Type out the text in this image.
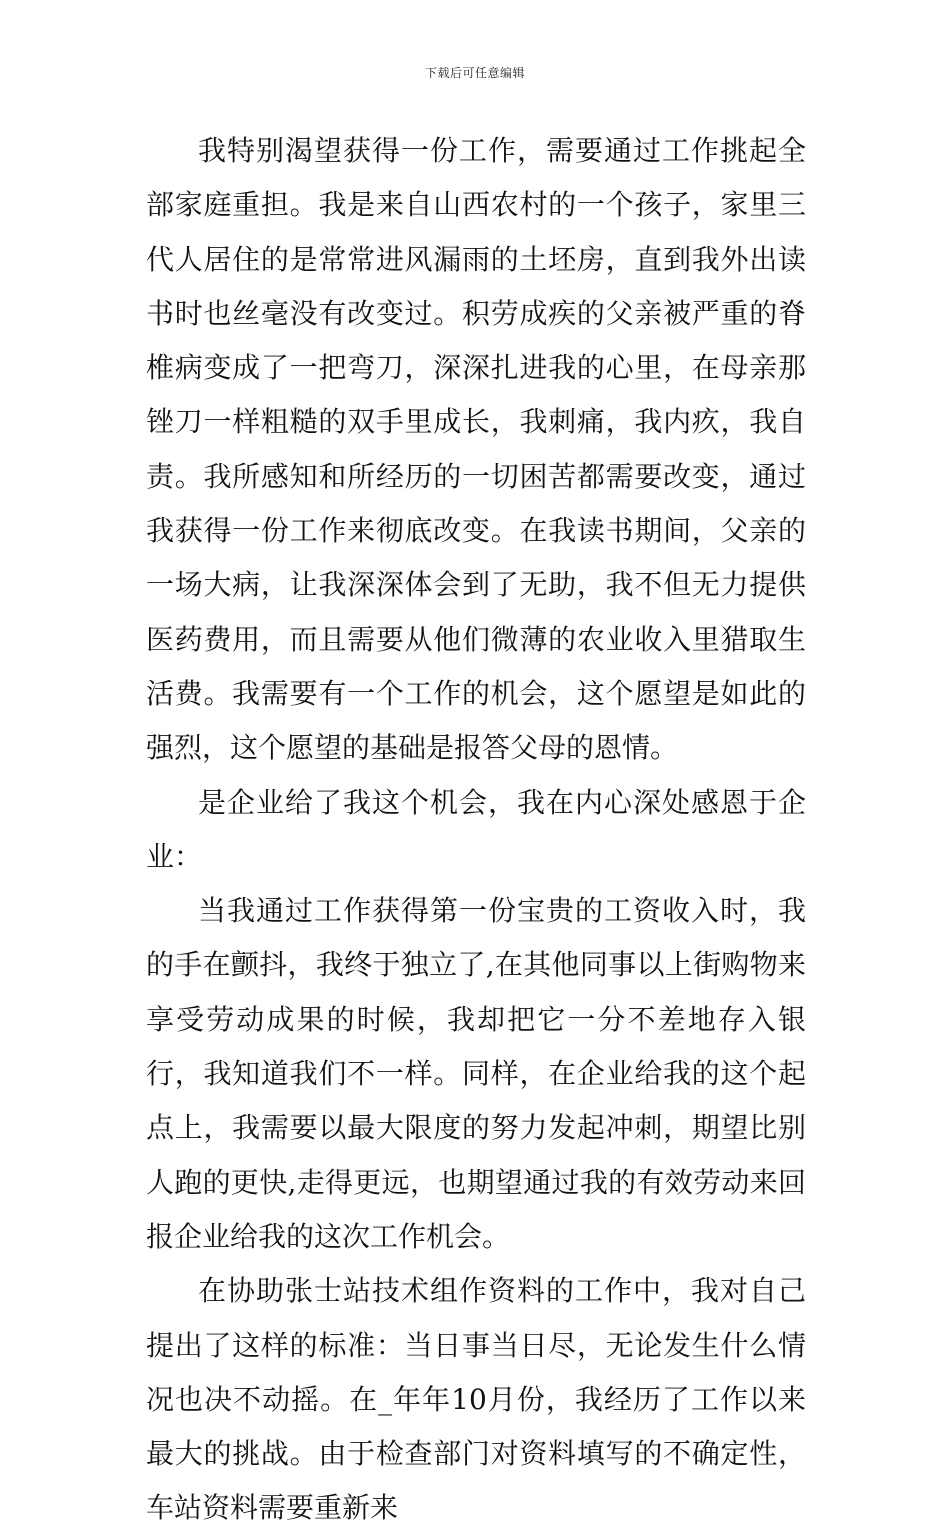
下载后可任意编辑

我特别渴望获得一份工作，需要通过工作挑起全部家庭重担。我是来自山西农村的一个孩子，家里三代人居住的是常常进风漏雨的土坯房，直到我外出读书时也丝毫没有改变过。积劳成疾的父亲被严重的脊椎病变成了一把弯刀，深深扎进我的心里，在母亲那锉刀一样粗糙的双手里成长，我刺痛，我内疚，我自责。我所感知和所经历的一切困苦都需要改变，通过我获得一份工作来彻底改变。在我读书期间，父亲的一场大病，让我深深体会到了无助，我不但无力提供医药费用，而且需要从他们微薄的农业收入里猎取生活费。我需要有一个工作的机会，这个愿望是如此的强烈，这个愿望的基础是报答父母的恩情。

是企业给了我这个机会，我在内心深处感恩于企业：

当我通过工作获得第一份宝贵的工资收入时，我的手在颤抖，我终于独立了,在其他同事以上街购物来享受劳动成果的时候，我却把它一分不差地存入银行，我知道我们不一样。同样，在企业给我的这个起点上，我需要以最大限度的努力发起冲刺，期望比别人跑的更快,走得更远，也期望通过我的有效劳动来回报企业给我的这次工作机会。

在协助张士站技术组作资料的工作中，我对自己提出了这样的标准：当日事当日尽，无论发生什么情况也决不动摇。在_年年10月份，我经历了工作以来最大的挑战。由于检查部门对资料填写的不确定性，车站资料需要重新来
